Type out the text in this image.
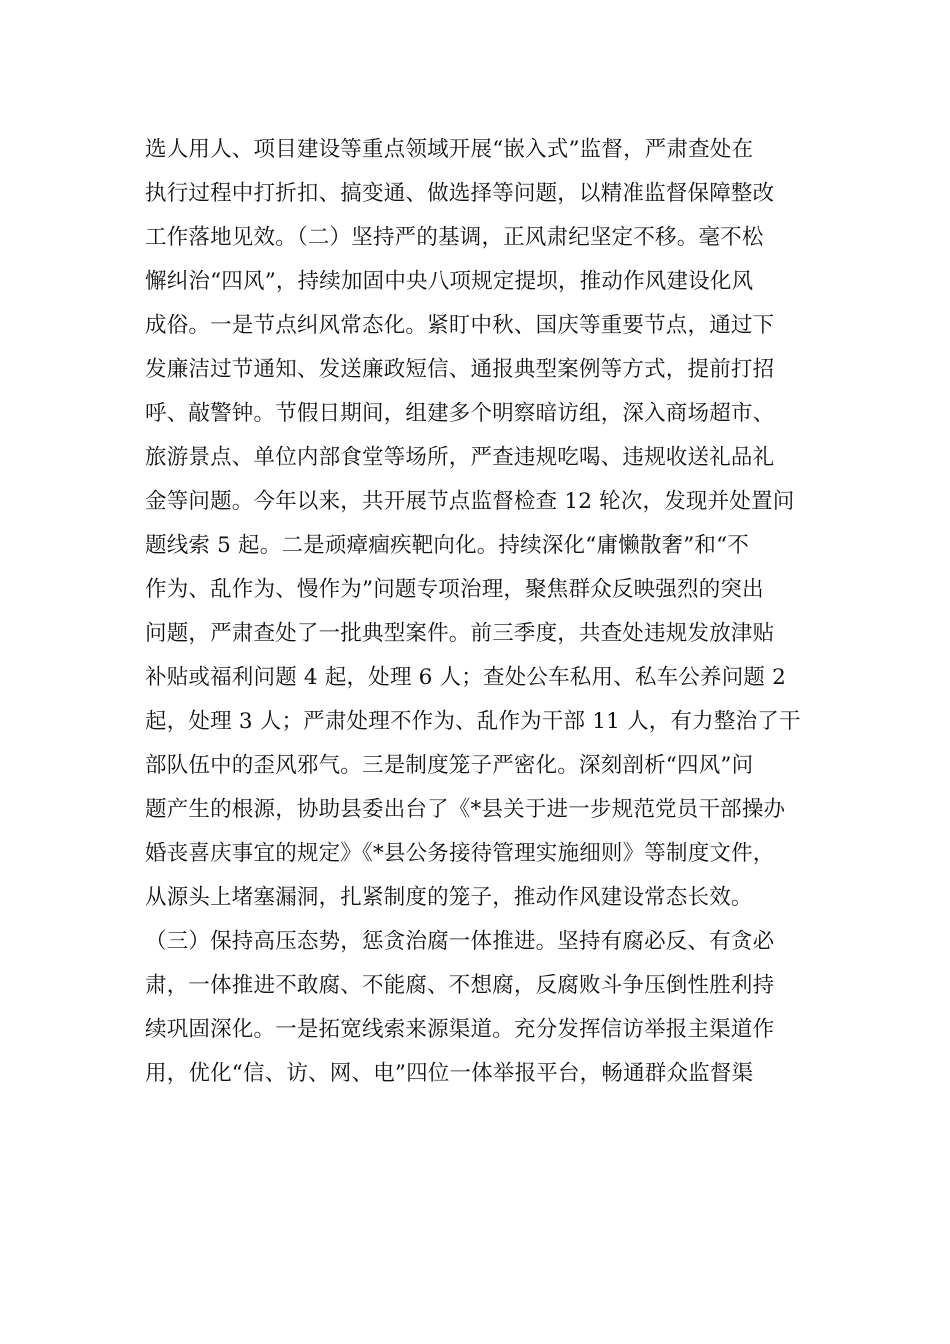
选人用人、项目建设等重点领域开展“嵌入式”监督，严肃查处在
执行过程中打折扣、搞变通、做选择等问题，以精准监督保障整改
工作落地见效。（二）坚持严的基调，正风肃纪坚定不移。毫不松
懈纠治“四风”，持续加固中央八项规定提坝，推动作风建设化风
成俗。一是节点纠风常态化。紧盯中秋、国庆等重要节点，通过下
发廉洁过节通知、发送廉政短信、通报典型案例等方式，提前打招
呼、敲警钟。节假日期间，组建多个明察暗访组，深入商场超市、
旅游景点、单位内部食堂等场所，严查违规吃喝、违规收送礼品礼
金等问题。今年以来，共开展节点监督检查 12 轮次，发现并处置问
题线索 5 起。二是顽瘴痼疾靶向化。持续深化“庸懒散奢”和“不
作为、乱作为、慢作为”问题专项治理，聚焦群众反映强烈的突出
问题，严肃查处了一批典型案件。前三季度，共查处违规发放津贴
补贴或福利问题 4 起，处理 6 人；查处公车私用、私车公养问题 2
起，处理 3 人；严肃处理不作为、乱作为干部 11 人，有力整治了干
部队伍中的歪风邪气。三是制度笼子严密化。深刻剖析“四风”问
题产生的根源，协助县委出台了《*县关于进一步规范党员干部操办
婚丧喜庆事宜的规定》《*县公务接待管理实施细则》等制度文件，
从源头上堵塞漏洞，扎紧制度的笼子，推动作风建设常态长效。
（三）保持高压态势，惩贪治腐一体推进。坚持有腐必反、有贪必
肃，一体推进不敢腐、不能腐、不想腐，反腐败斗争压倒性胜利持
续巩固深化。一是拓宽线索来源渠道。充分发挥信访举报主渠道作
用，优化“信、访、网、电”四位一体举报平台，畅通群众监督渠
